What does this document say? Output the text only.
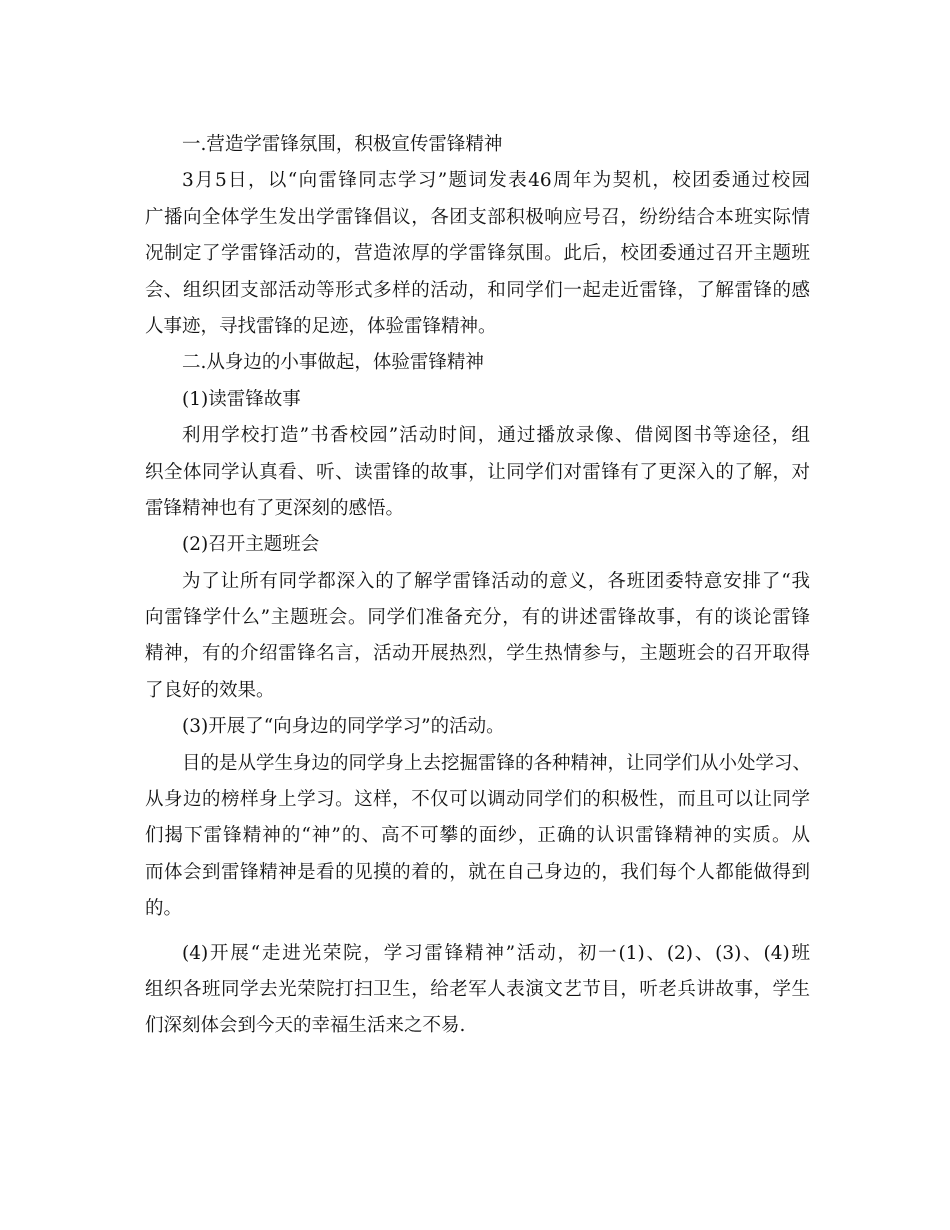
一.营造学雷锋氛围，积极宣传雷锋精神
3月5日，以“向雷锋同志学习”题词发表46周年为契机，校团委通过校园
广播向全体学生发出学雷锋倡议，各团支部积极响应号召，纷纷结合本班实际情
况制定了学雷锋活动的，营造浓厚的学雷锋氛围。此后，校团委通过召开主题班
会、组织团支部活动等形式多样的活动，和同学们一起走近雷锋，了解雷锋的感
人事迹，寻找雷锋的足迹，体验雷锋精神。
二.从身边的小事做起，体验雷锋精神
(1)读雷锋故事
利用学校打造”书香校园”活动时间，通过播放录像、借阅图书等途径，组
织全体同学认真看、听、读雷锋的故事，让同学们对雷锋有了更深入的了解，对
雷锋精神也有了更深刻的感悟。
(2)召开主题班会
为了让所有同学都深入的了解学雷锋活动的意义，各班团委特意安排了“我
向雷锋学什么”主题班会。同学们准备充分，有的讲述雷锋故事，有的谈论雷锋
精神，有的介绍雷锋名言，活动开展热烈，学生热情参与，主题班会的召开取得
了良好的效果。
(3)开展了“向身边的同学学习”的活动。
目的是从学生身边的同学身上去挖掘雷锋的各种精神，让同学们从小处学习、
从身边的榜样身上学习。这样，不仅可以调动同学们的积极性，而且可以让同学
们揭下雷锋精神的“神”的、高不可攀的面纱，正确的认识雷锋精神的实质。从
而体会到雷锋精神是看的见摸的着的，就在自己身边的，我们每个人都能做得到
的。
(4)开展“走进光荣院，学习雷锋精神”活动，初一(1)、(2)、(3)、(4)班
组织各班同学去光荣院打扫卫生，给老军人表演文艺节目，听老兵讲故事，学生
们深刻体会到今天的幸福生活来之不易.
